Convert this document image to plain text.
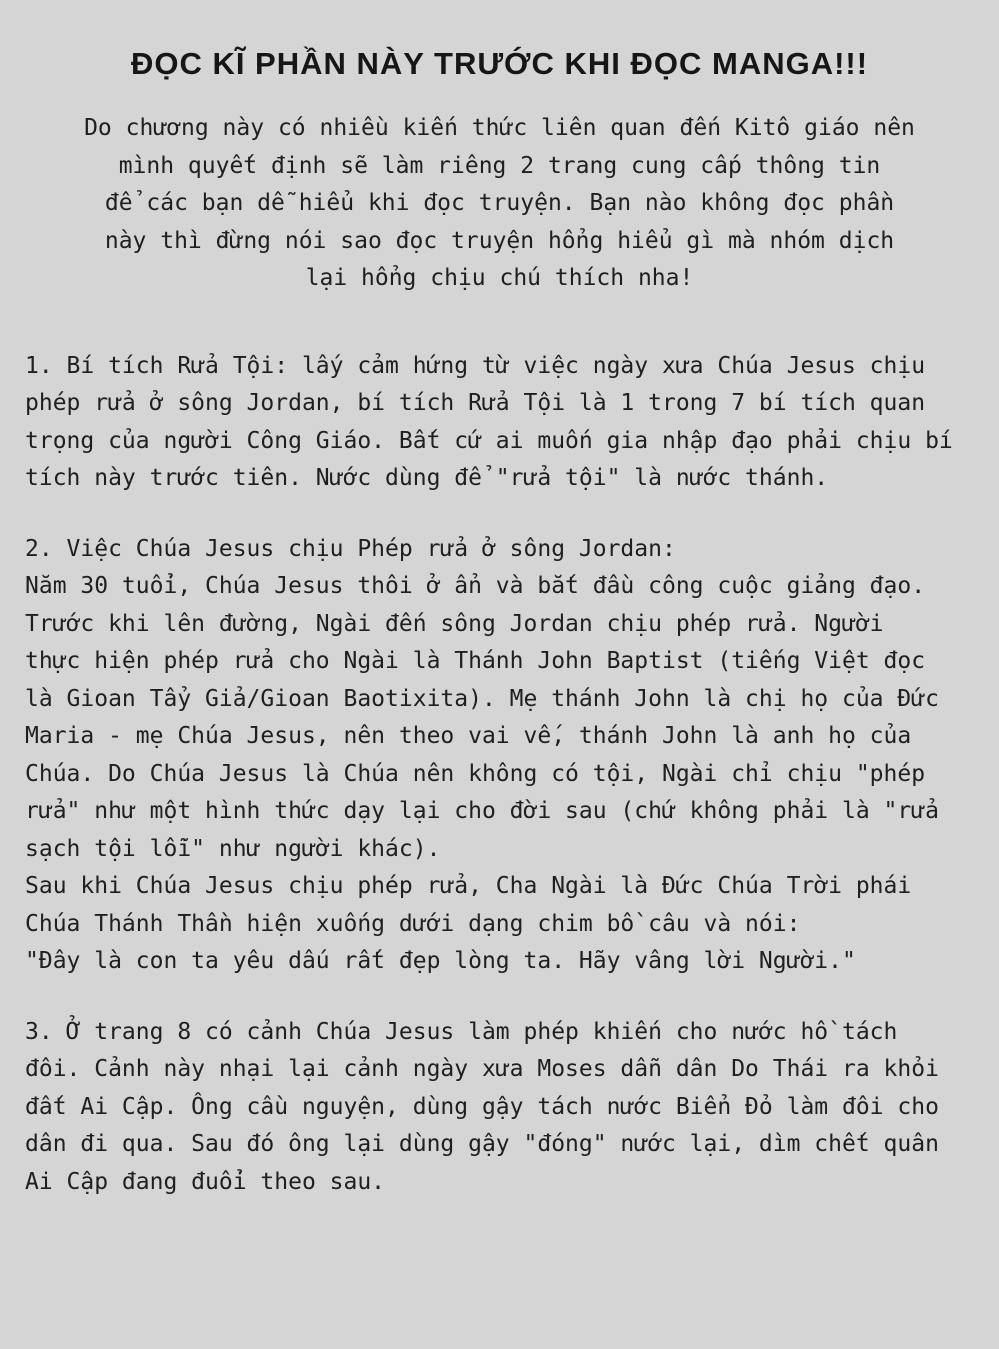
ĐỌC KĨ PHẦN NÀY TRƯỚC KHI ĐỌC MANGA!!!
Do chương này có nhiều kiến thức liên quan đến Kitô giáo nên
mình quyết định sẽ làm riêng 2 trang cung cấp thông tin
để các bạn dễ hiểu khi đọc truyện. Bạn nào không đọc phần
này thì đừng nói sao đọc truyện hổng hiểu gì mà nhóm dịch
lại hổng chịu chú thích nha!
1. Bí tích Rửa Tội: lấy cảm hứng từ việc ngày xưa Chúa Jesus chịu
phép rửa ở sông Jordan, bí tích Rửa Tội là 1 trong 7 bí tích quan
trọng của người Công Giáo. Bất cứ ai muốn gia nhập đạo phải chịu bí
tích này trước tiên. Nước dùng để "rửa tội" là nước thánh.
2. Việc Chúa Jesus chịu Phép rửa ở sông Jordan:
Năm 30 tuổi, Chúa Jesus thôi ở ẩn và bắt đầu công cuộc giảng đạo.
Trước khi lên đường, Ngài đến sông Jordan chịu phép rửa. Người
thực hiện phép rửa cho Ngài là Thánh John Baptist (tiếng Việt đọc
là Gioan Tẩy Giả/Gioan Baotixita). Mẹ thánh John là chị họ của Đức
Maria - mẹ Chúa Jesus, nên theo vai vế, thánh John là anh họ của
Chúa. Do Chúa Jesus là Chúa nên không có tội, Ngài chỉ chịu "phép
rửa" như một hình thức dạy lại cho đời sau (chứ không phải là "rửa
sạch tội lỗi" như người khác).
Sau khi Chúa Jesus chịu phép rửa, Cha Ngài là Đức Chúa Trời phái
Chúa Thánh Thần hiện xuống dưới dạng chim bồ câu và nói:
"Đây là con ta yêu dấu rất đẹp lòng ta. Hãy vâng lời Người."
3. Ở trang 8 có cảnh Chúa Jesus làm phép khiến cho nước hồ tách
đôi. Cảnh này nhại lại cảnh ngày xưa Moses dẫn dân Do Thái ra khỏi
đất Ai Cập. Ông cầu nguyện, dùng gậy tách nước Biển Đỏ làm đôi cho
dân đi qua. Sau đó ông lại dùng gậy "đóng" nước lại, dìm chết quân
Ai Cập đang đuổi theo sau.
